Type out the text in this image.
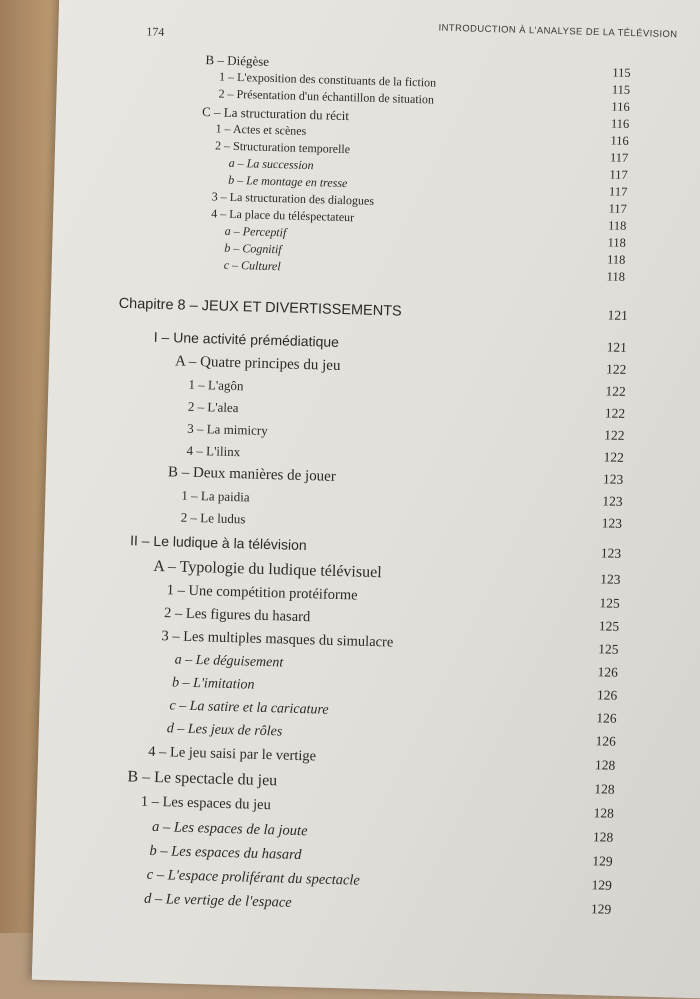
174	INTRODUCTION À L'ANALYSE DE LA TÉLÉVISION
B – Diégèse
1 – L'exposition des constituants de la fiction
2 – Présentation d'un échantillon de situation
C – La structuration du récit
1 – Actes et scènes
2 – Structuration temporelle
a – La succession
b – Le montage en tresse
3 – La structuration des dialogues
4 – La place du téléspectateur
a – Perceptif
b – Cognitif
c – Culturel
Chapitre 8 – JEUX ET DIVERTISSEMENTS
I – Une activité prémédiatique
A – Quatre principes du jeu
1 – L'agôn
2 – L'alea
3 – La mimicry
4 – L'ilinx
B – Deux manières de jouer
1 – La paidia
2 – Le ludus
II – Le ludique à la télévision
A – Typologie du ludique télévisuel
1 – Une compétition protéiforme
2 – Les figures du hasard
3 – Les multiples masques du simulacre
a – Le déguisement
b – L'imitation
c – La satire et la caricature
d – Les jeux de rôles
4 – Le jeu saisi par le vertige
B – Le spectacle du jeu
1 – Les espaces du jeu
a – Les espaces de la joute
b – Les espaces du hasard
c – L'espace proliférant du spectacle
d – Le vertige de l'espace
115
115
116
116
116
117
117
117
117
118
118
118
118
121
121
122
122
122
122
122
123
123
123
123
123
125
125
125
126
126
126
126
128
128
128
128
129
129
129
